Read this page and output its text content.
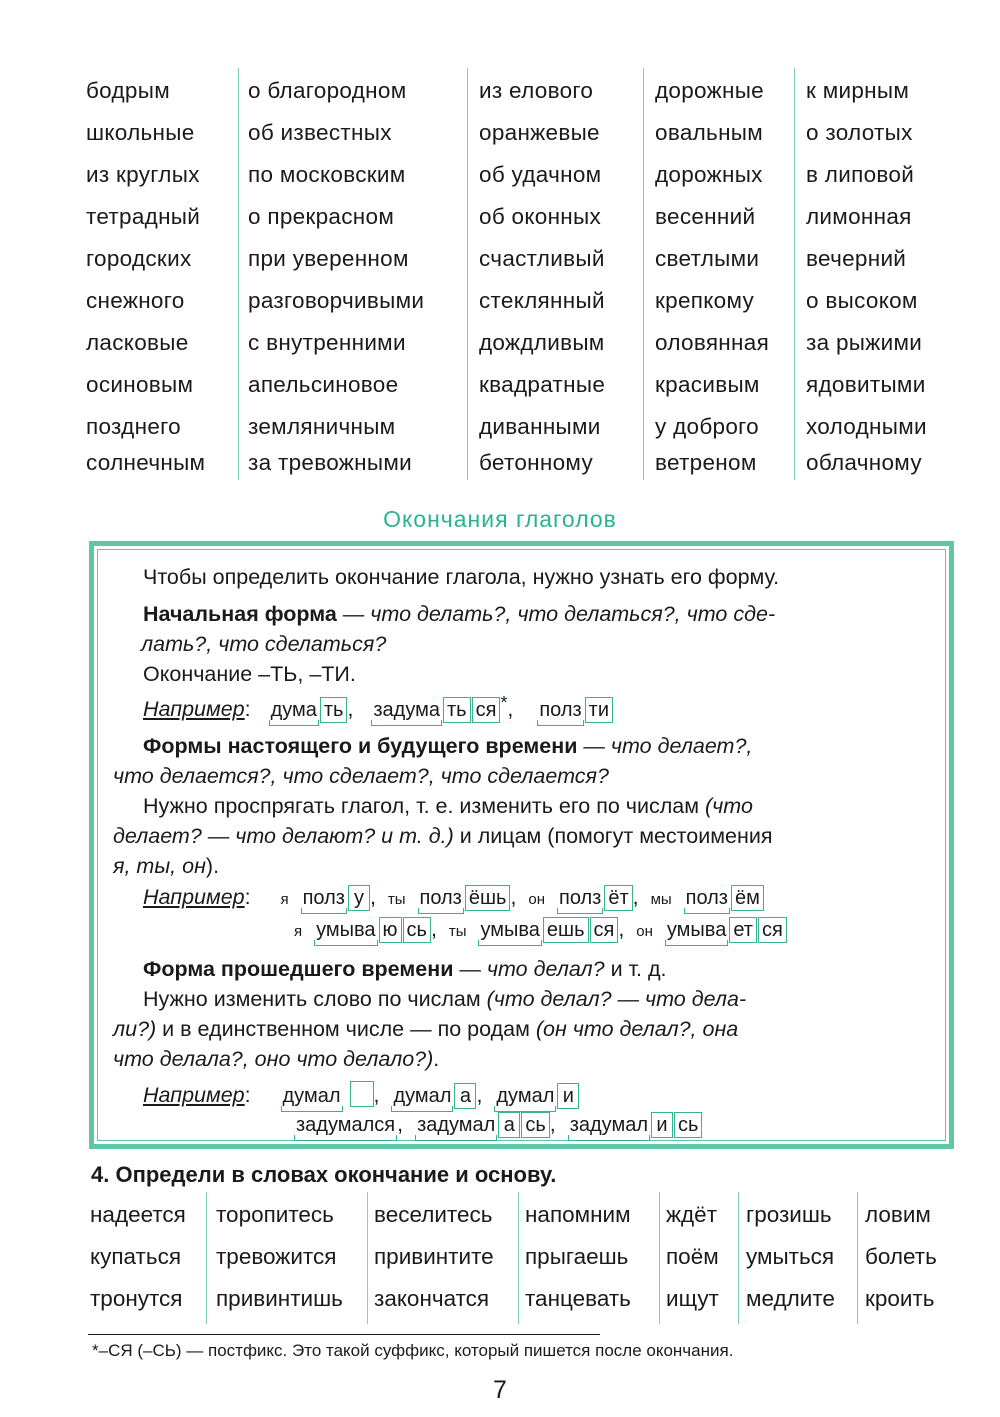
бодрым
школьные
из круглых
тетрадный
городских
снежного
ласковые
осиновым
позднего
солнечным
о благородном
об известных
по московским
о прекрасном
при уверенном
разговорчивыми
с внутренними
апельсиновое
земляничным
за тревожными
из елового
оранжевые
об удачном
об оконных
счастливый
стеклянный
дождливым
квадратные
диванными
бетонному
дорожные
овальным
дорожных
весенний
светлыми
крепкому
оловянная
красивым
у доброго
ветреном
к мирным
о золотых
в липовой
лимонная
вечерний
о высоком
за рыжими
ядовитыми
холодными
облачному
Окончания глаголов
Чтобы определить окончание глагола, нужно узнать его форму.
Начальная форма — что делать?, что делаться?, что сде-
лать?, что сделаться?
Окончание –ТЬ, –ТИ.
Например: дума ть , задума ть ся *, полз ти
Формы настоящего и будущего времени — что делает?,
что делается?, что сделает?, что сделается?
Нужно проспрягать глагол, т. е. изменить его по числам (что
делает? — что делают? и т. д.) и лицам (помогут местоимения
я, ты, он).
Например: я полз у , ты полз ёшь , он полз ёт , мы полз ём
я умыва ю сь , ты умыва ешь ся , он умыва ет ся
Форма прошедшего времени — что делал? и т. д.
Нужно изменить слово по числам (что делал? — что дела-
ли?) и в единственном числе — по родам (он что делал?, она
что делала?, оно что делало?).
Например: думал , думал а , думал и
задумался, задумал а сь , задумал и сь
4. Определи в словах окончание и основу.
надеется
купаться
тронутся
торопитесь
тревожится
привинтишь
веселитесь
привинтите
закончатся
напомним
прыгаешь
танцевать
ждёт
поём
ищут
грозишь
умыться
медлите
ловим
болеть
кроить
*–СЯ (–СЬ) — постфикс. Это такой суффикс, который пишется после окончания.
7
